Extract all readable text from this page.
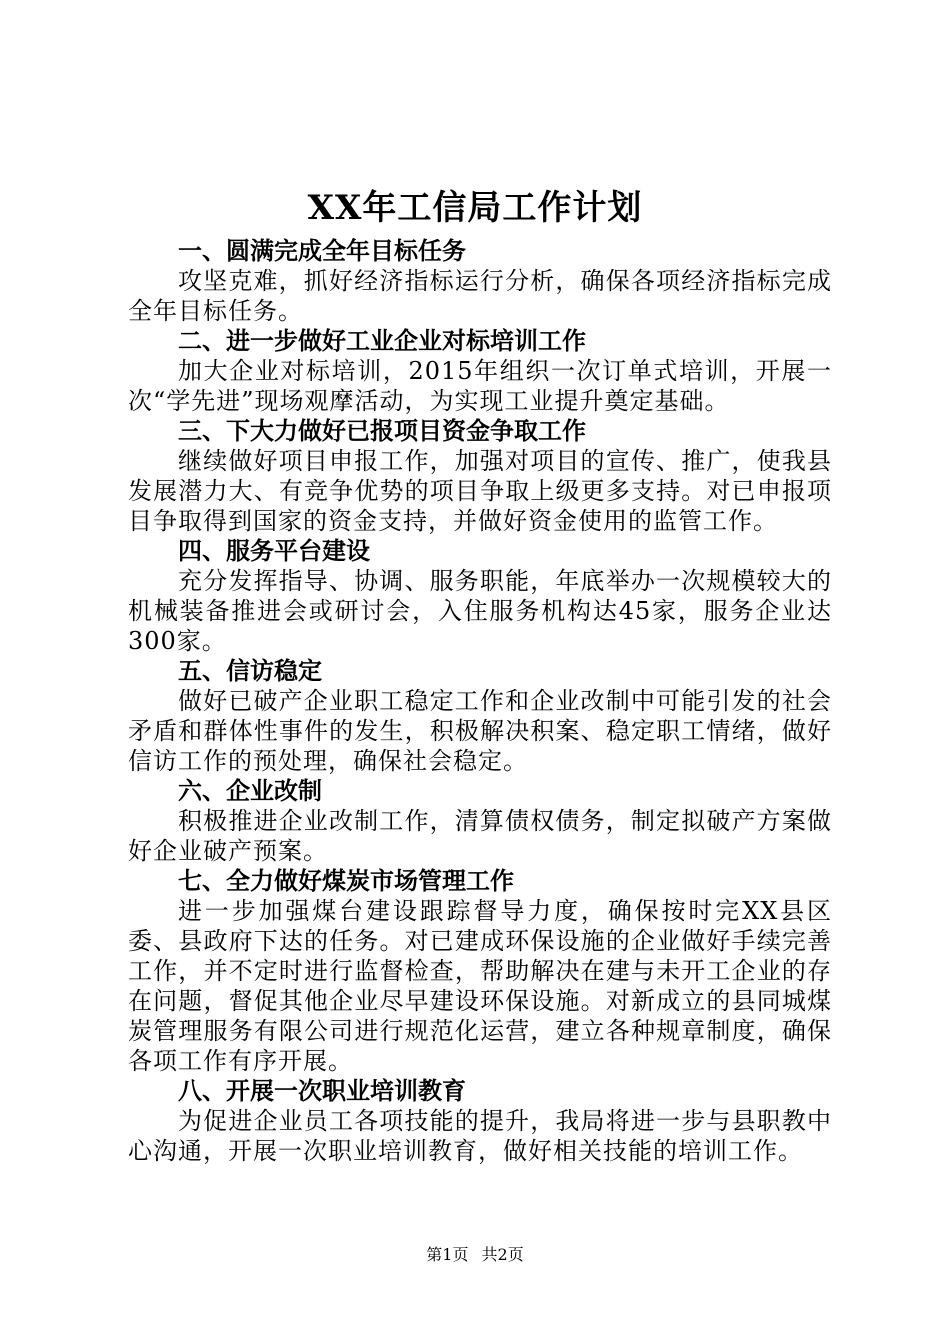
XX年工信局工作计划
一、圆满完成全年目标任务

攻坚克难，抓好经济指标运行分析，确保各项经济指标完成全年目标任务。

二、进一步做好工业企业对标培训工作

加大企业对标培训，2015年组织一次订单式培训，开展一次“学先进”现场观摩活动，为实现工业提升奠定基础。

三、下大力做好已报项目资金争取工作

继续做好项目申报工作，加强对项目的宣传、推广，使我县发展潜力大、有竞争优势的项目争取上级更多支持。对已申报项目争取得到国家的资金支持，并做好资金使用的监管工作。

四、服务平台建设

充分发挥指导、协调、服务职能，年底举办一次规模较大的机械装备推进会或研讨会，入住服务机构达45家，服务企业达300家。

五、信访稳定

做好已破产企业职工稳定工作和企业改制中可能引发的社会矛盾和群体性事件的发生，积极解决积案、稳定职工情绪，做好信访工作的预处理，确保社会稳定。

六、企业改制

积极推进企业改制工作，清算债权债务，制定拟破产方案做好企业破产预案。

七、全力做好煤炭市场管理工作

进一步加强煤台建设跟踪督导力度，确保按时完XX县区委、县政府下达的任务。对已建成环保设施的企业做好手续完善工作，并不定时进行监督检查，帮助解决在建与未开工企业的存在问题，督促其他企业尽早建设环保设施。对新成立的县同城煤炭管理服务有限公司进行规范化运营，建立各种规章制度，确保各项工作有序开展。

八、开展一次职业培训教育

为促进企业员工各项技能的提升，我局将进一步与县职教中心沟通，开展一次职业培训教育，做好相关技能的培训工作。

第1页 共2页
